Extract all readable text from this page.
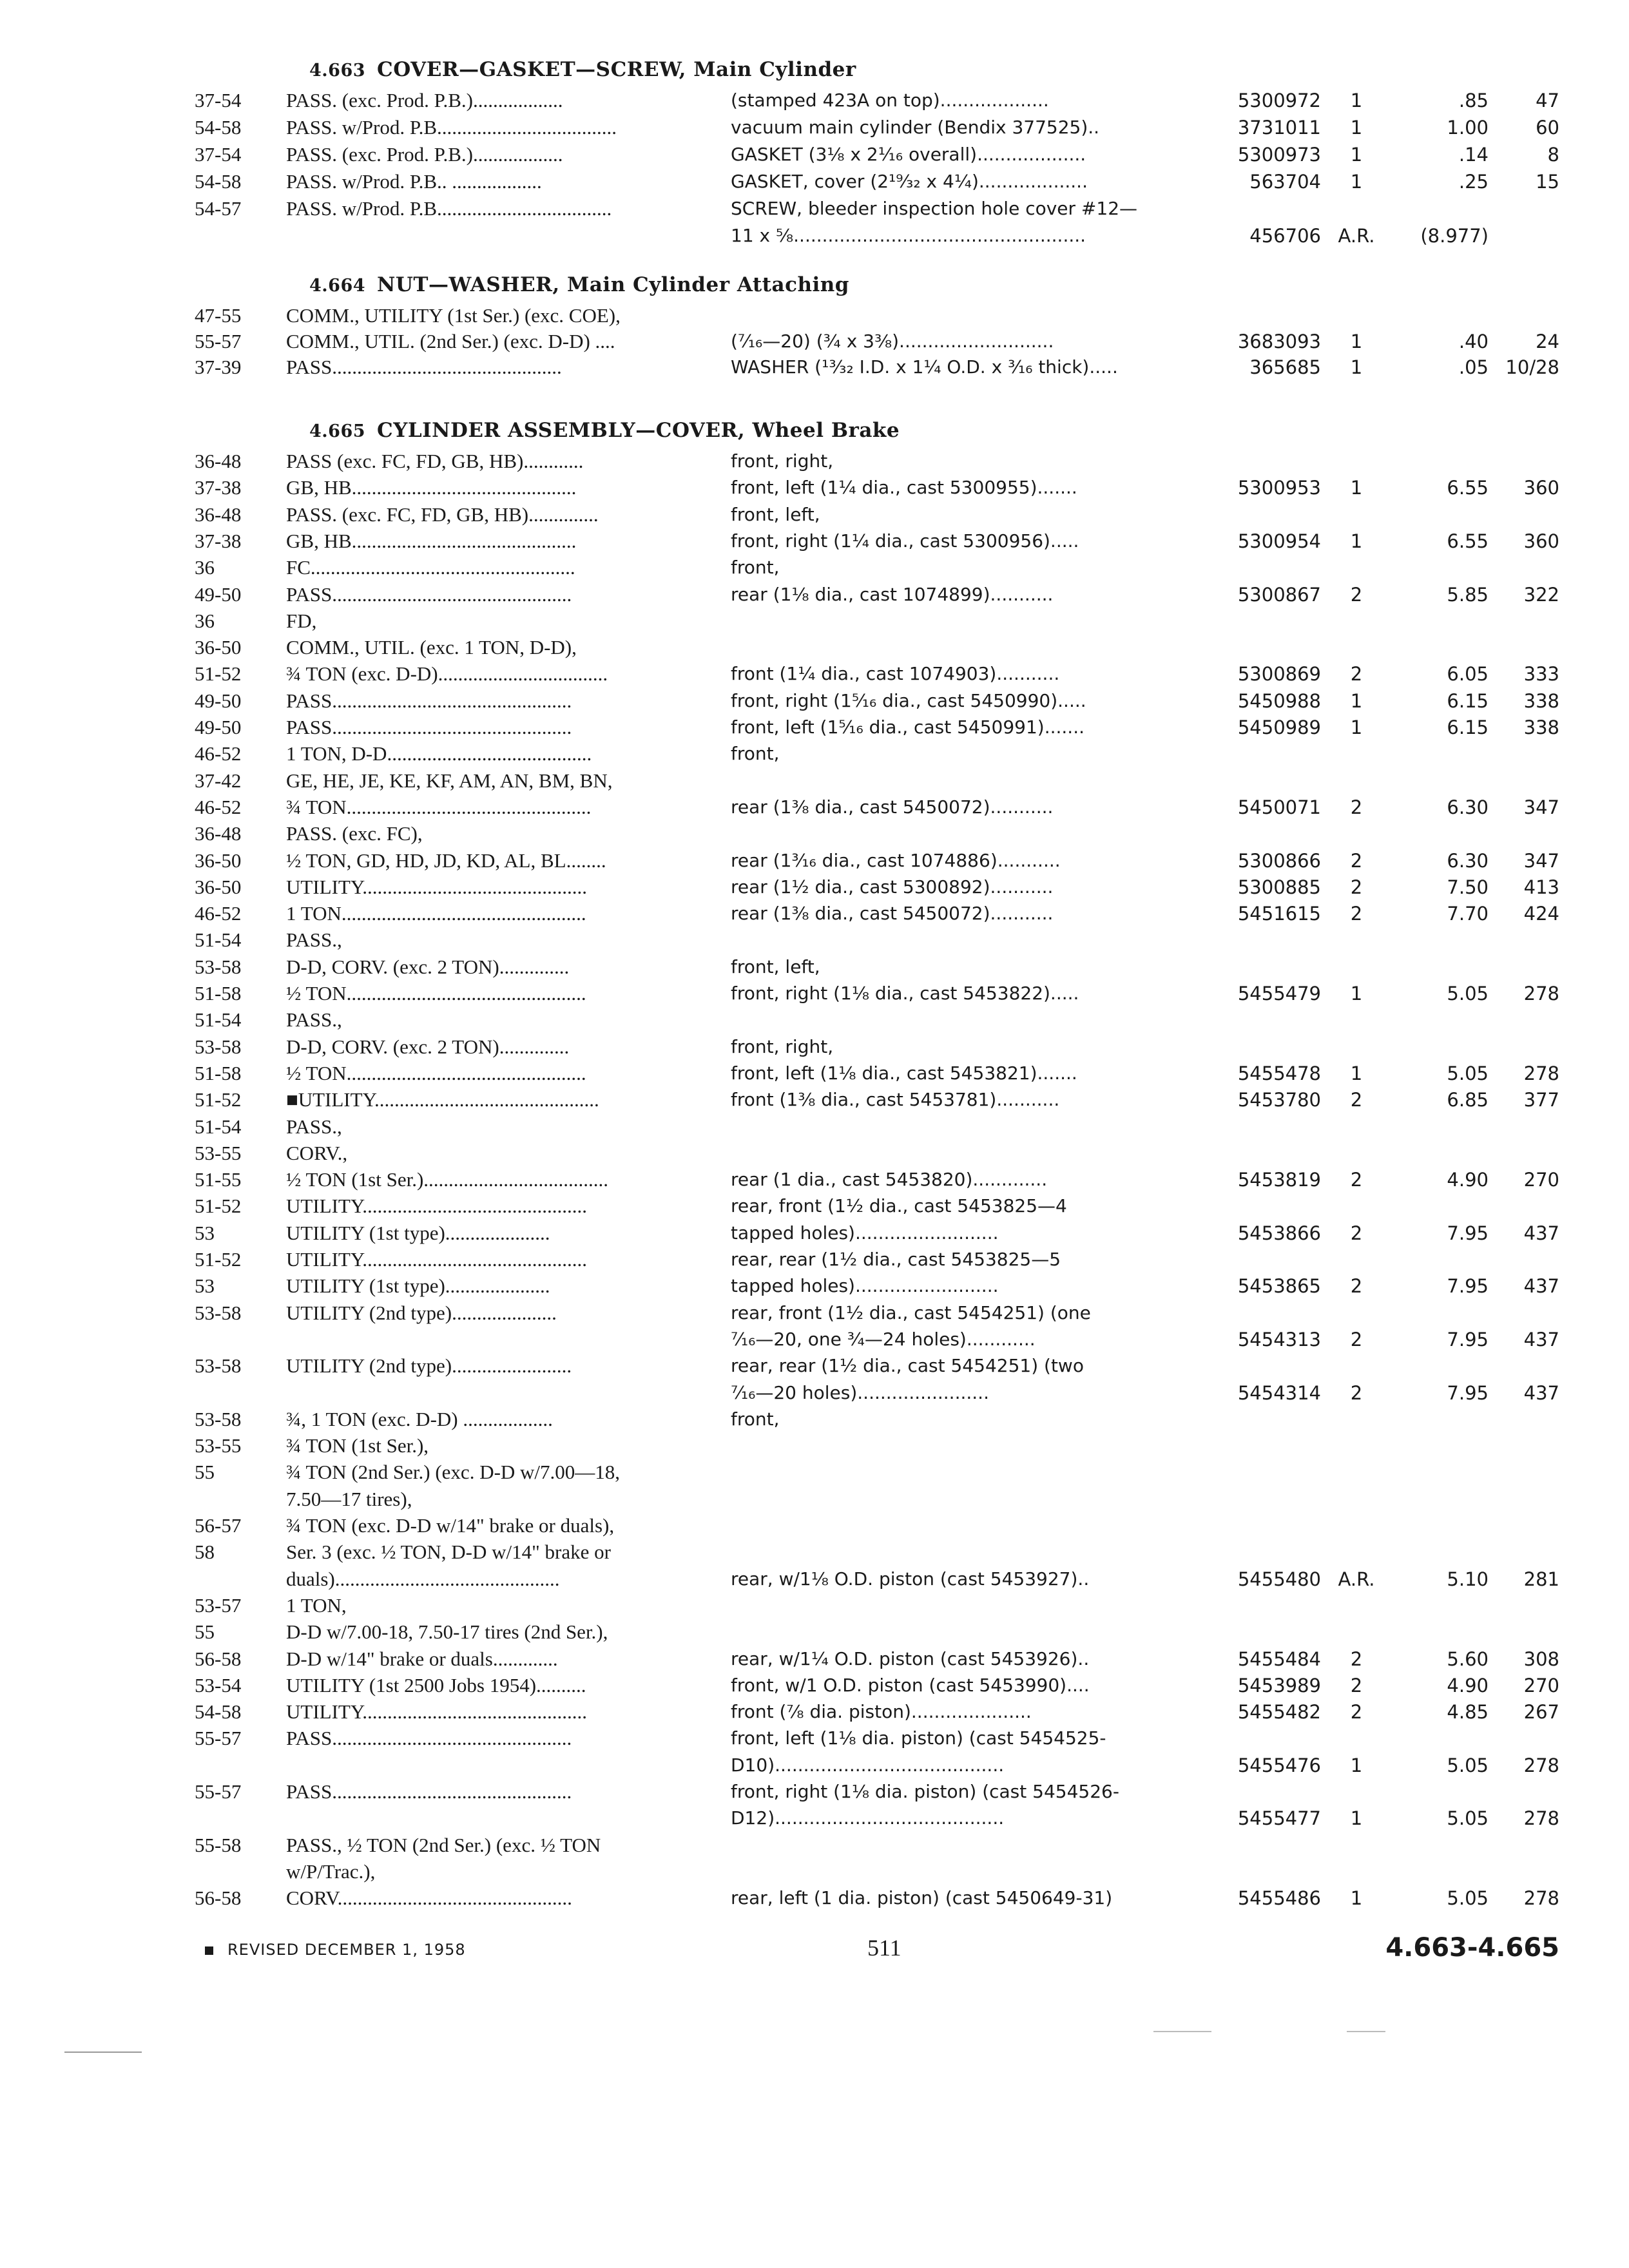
4.663 COVER—GASKET—SCREW, Main Cylinder
37-54	PASS. (exc. Prod. P.B.)..................	(stamped 423A on top)...................	5300972	1	.85	47
54-58	PASS. w/Prod. P.B....................................	vacuum main cylinder (Bendix 377525)..	3731011	1	1.00	60
37-54	PASS. (exc. Prod. P.B.)..................	GASKET (3⅛ x 2¹⁄₁₆ overall)...................	5300973	1	.14	8
54-58	PASS. w/Prod. P.B.. ..................	GASKET, cover (2¹⁹⁄₃₂ x 4¼)...................	563704	1	.25	15
54-57	PASS. w/Prod. P.B...................................	SCREW, bleeder inspection hole cover #12—
11 x ⅝...................................................	456706 A.R.	(8.977)
4.664 NUT—WASHER, Main Cylinder Attaching
47-55	COMM., UTILITY (1st Ser.) (exc. COE),
55-57	COMM., UTIL. (2nd Ser.) (exc. D-D) ....	(⁷⁄₁₆—20) (¾ x 3⅜)...........................	3683093	1	.40	24
37-39	PASS..............................................	WASHER (¹³⁄₃₂ I.D. x 1¼ O.D. x ³⁄₁₆ thick).....	365685	1	.05 10/28
4.665 CYLINDER ASSEMBLY—COVER, Wheel Brake
36-48	PASS (exc. FC, FD, GB, HB)............	front, right,
37-38	GB, HB.............................................	front, left (1¼ dia., cast 5300955).......	5300953	1	6.55	360
36-48	PASS. (exc. FC, FD, GB, HB)..............	front, left,
37-38	GB, HB.............................................	front, right (1¼ dia., cast 5300956).....	5300954	1	6.55	360
36	FC.....................................................	front,
49-50	PASS................................................	rear (1⅛ dia., cast 1074899)...........	5300867	2	5.85	322
36	FD,
36-50	COMM., UTIL. (exc. 1 TON, D-D),
51-52	¾ TON (exc. D-D)..................................	front (1¼ dia., cast 1074903)...........	5300869	2	6.05	333
49-50	PASS................................................	front, right (1⁵⁄₁₆ dia., cast 5450990).....	5450988	1	6.15	338
49-50	PASS................................................	front, left (1⁵⁄₁₆ dia., cast 5450991).......	5450989	1	6.15	338
46-52	1 TON, D-D.........................................	front,
37-42	GE, HE, JE, KE, KF, AM, AN, BM, BN,
46-52	¾ TON.................................................	rear (1⅜ dia., cast 5450072)...........	5450071	2	6.30	347
36-48	PASS. (exc. FC),
36-50	½ TON, GD, HD, JD, KD, AL, BL........	rear (1³⁄₁₆ dia., cast 1074886)...........	5300866	2	6.30	347
36-50	UTILITY.............................................	rear (1½ dia., cast 5300892)...........	5300885	2	7.50	413
46-52	1 TON.................................................	rear (1⅜ dia., cast 5450072)...........	5451615	2	7.70	424
51-54	PASS.,
53-58	D-D, CORV. (exc. 2 TON)..............	front, left,
51-58	½ TON................................................	front, right (1⅛ dia., cast 5453822).....	5455479	1	5.05	278
51-54	PASS.,
53-58	D-D, CORV. (exc. 2 TON)..............	front, right,
51-58	½ TON................................................	front, left (1⅛ dia., cast 5453821).......	5455478	1	5.05	278
51-52	■UTILITY.............................................	front (1⅜ dia., cast 5453781)...........	5453780	2	6.85	377
51-54	PASS.,
53-55	CORV.,
51-55	½ TON (1st Ser.).....................................	rear (1 dia., cast 5453820).............	5453819	2	4.90	270
51-52	UTILITY.............................................	rear, front (1½ dia., cast 5453825—4
53	UTILITY (1st type).....................	tapped holes).........................	5453866	2	7.95	437
51-52	UTILITY.............................................	rear, rear (1½ dia., cast 5453825—5
53	UTILITY (1st type).....................	tapped holes).........................	5453865	2	7.95	437
53-58	UTILITY (2nd type).....................	rear, front (1½ dia., cast 5454251) (one
⁷⁄₁₆—20, one ¾—24 holes)............	5454313	2	7.95	437
53-58	UTILITY (2nd type)........................	rear, rear (1½ dia., cast 5454251) (two
⁷⁄₁₆—20 holes).......................	5454314	2	7.95	437
53-58	¾, 1 TON (exc. D-D) ..................	front,
53-55	¾ TON (1st Ser.),
55	¾ TON (2nd Ser.) (exc. D-D w/7.00—18,
7.50—17 tires),
56-57	¾ TON (exc. D-D w/14" brake or duals),
58	Ser. 3 (exc. ½ TON, D-D w/14" brake or
duals).............................................	rear, w/1⅛ O.D. piston (cast 5453927)..	5455480 A.R.	5.10	281
53-57	1 TON,
55	D-D w/7.00-18, 7.50-17 tires (2nd Ser.),
56-58	D-D w/14" brake or duals.............	rear, w/1¼ O.D. piston (cast 5453926)..	5455484	2	5.60	308
53-54	UTILITY (1st 2500 Jobs 1954)..........	front, w/1 O.D. piston (cast 5453990)....	5453989	2	4.90	270
54-58	UTILITY.............................................	front (⅞ dia. piston).....................	5455482	2	4.85	267
55-57	PASS................................................	front, left (1⅛ dia. piston) (cast 5454525-
D10)........................................	5455476	1	5.05	278
55-57	PASS................................................	front, right (1⅛ dia. piston) (cast 5454526-
D12)........................................	5455477	1	5.05	278
55-58	PASS., ½ TON (2nd Ser.) (exc. ½ TON
w/P/Trac.),
56-58	CORV...............................................	rear, left (1 dia. piston) (cast 5450649-31)	5455486	1	5.05	278
REVISED DECEMBER 1, 1958	511	4.663-4.665
